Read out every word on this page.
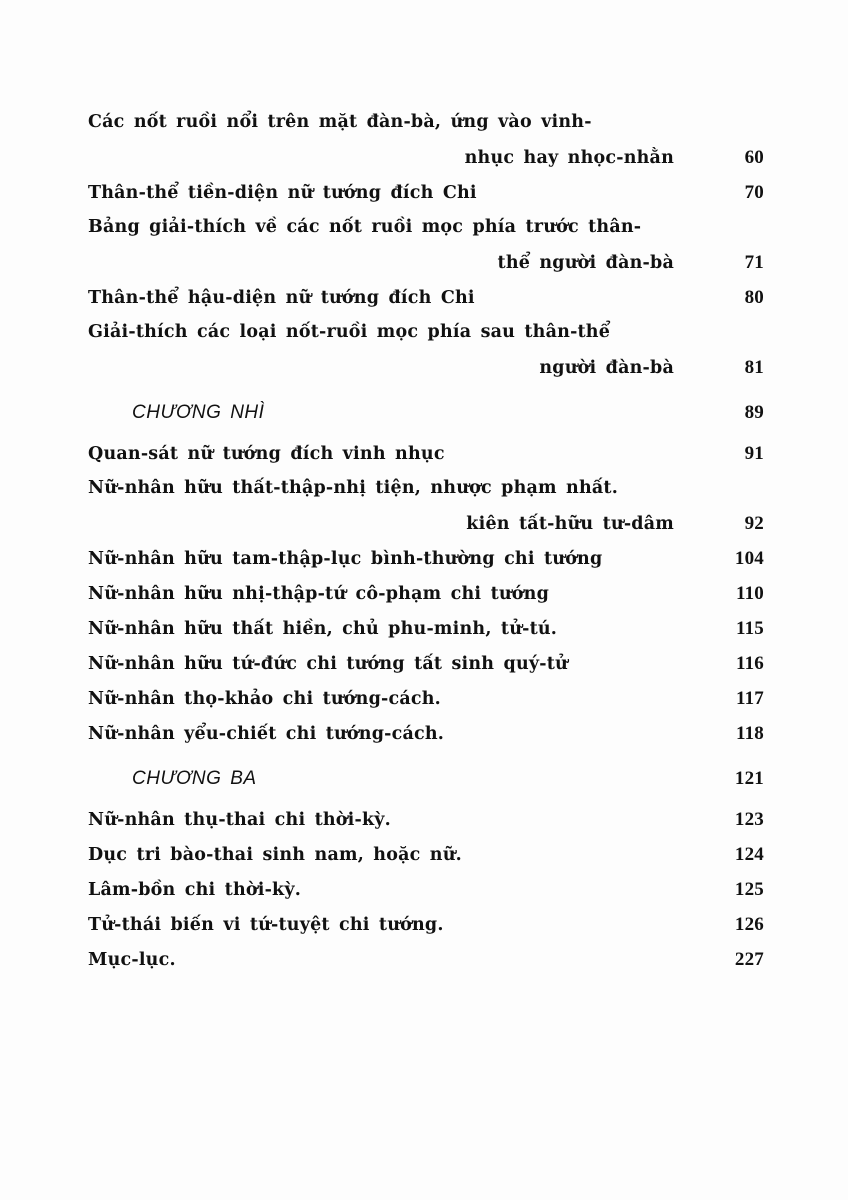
Các nốt ruồi nổi trên mặt đàn-bà, ứng vào vinh-
nhục hay nhọc-nhằn	60
Thân-thể tiền-diện nữ tướng đích Chi	70
Bảng giải-thích về các nốt ruồi mọc phía trước thân-
thể người đàn-bà	71
Thân-thể hậu-diện nữ tướng đích Chi	80
Giải-thích các loại nốt-ruồi mọc phía sau thân-thể
người đàn-bà	81
CHƯƠNG NHÌ	89
Quan-sát nữ tướng đích vinh nhục	91
Nữ-nhân hữu thất-thập-nhị tiện, nhược phạm nhất.
kiên tất-hữu tư-dâm	92
Nữ-nhân hữu tam-thập-lục bình-thường chi tướng	104
Nữ-nhân hữu nhị-thập-tứ cô-phạm chi tướng	110
Nữ-nhân hữu thất hiền, chủ phu-minh, tử-tú.	115
Nữ-nhân hữu tứ-đức chi tướng tất sinh quý-tử	116
Nữ-nhân thọ-khảo chi tướng-cách.	117
Nữ-nhân yểu-chiết chi tướng-cách.	118
CHƯƠNG BA	121
Nữ-nhân thụ-thai chi thời-kỳ.	123
Dục tri bào-thai sinh nam, hoặc nữ.	124
Lâm-bồn chi thời-kỳ.	125
Tử-thái biến vi tứ-tuyệt chi tướng.	126
Mục-lục.	227
